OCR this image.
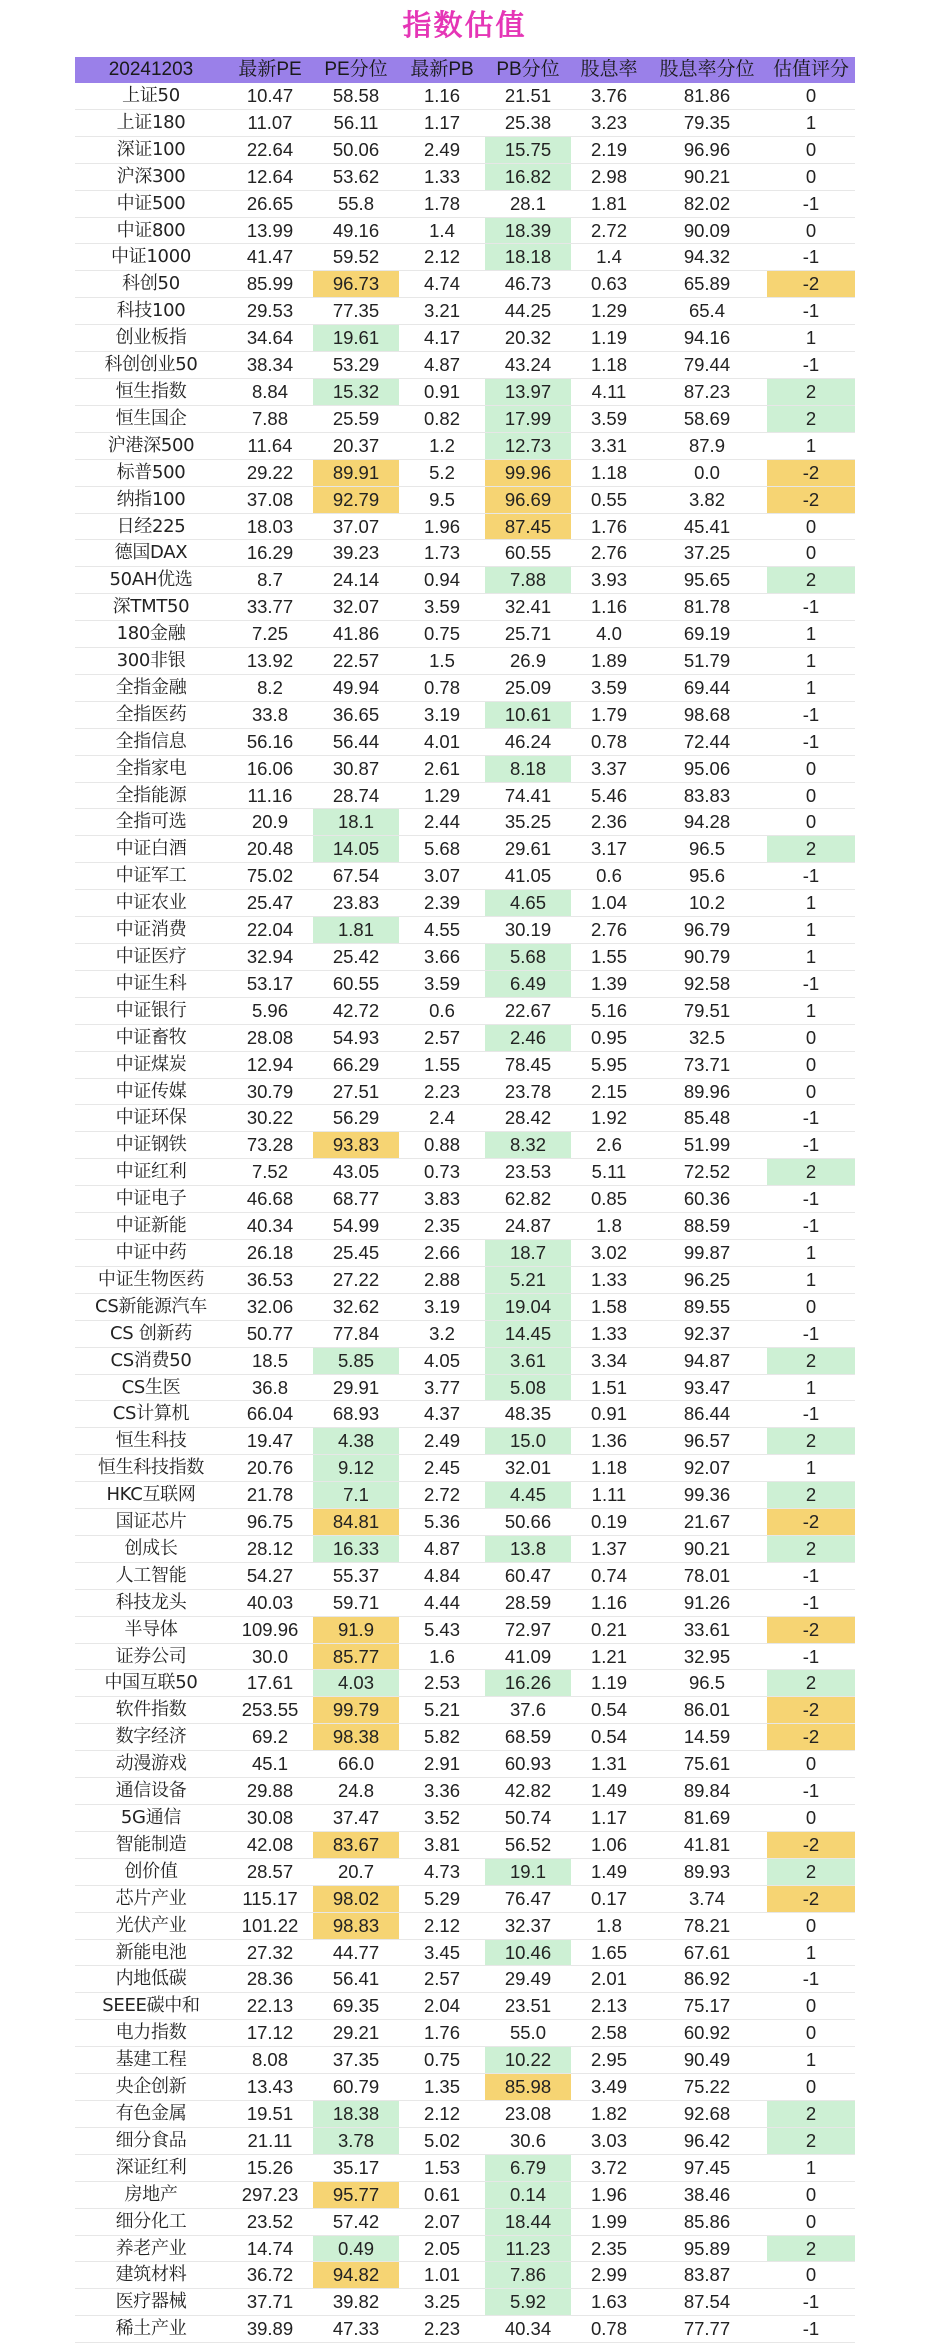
指数估值
20241203	最新PE	PE分位	最新PB	PB分位	股息率	股息率分位	估值评分
上证50	10.47	58.58	1.16	21.51	3.76	81.86	0
上证180	11.07	56.11	1.17	25.38	3.23	79.35	1
深证100	22.64	50.06	2.49	15.75	2.19	96.96	0
沪深300	12.64	53.62	1.33	16.82	2.98	90.21	0
中证500	26.65	55.8	1.78	28.1	1.81	82.02	-1
中证800	13.99	49.16	1.4	18.39	2.72	90.09	0
中证1000	41.47	59.52	2.12	18.18	1.4	94.32	-1
科创50	85.99	96.73	4.74	46.73	0.63	65.89	-2
科技100	29.53	77.35	3.21	44.25	1.29	65.4	-1
创业板指	34.64	19.61	4.17	20.32	1.19	94.16	1
科创创业50	38.34	53.29	4.87	43.24	1.18	79.44	-1
恒生指数	8.84	15.32	0.91	13.97	4.11	87.23	2
恒生国企	7.88	25.59	0.82	17.99	3.59	58.69	2
沪港深500	11.64	20.37	1.2	12.73	3.31	87.9	1
标普500	29.22	89.91	5.2	99.96	1.18	0.0	-2
纳指100	37.08	92.79	9.5	96.69	0.55	3.82	-2
日经225	18.03	37.07	1.96	87.45	1.76	45.41	0
德国DAX	16.29	39.23	1.73	60.55	2.76	37.25	0
50AH优选	8.7	24.14	0.94	7.88	3.93	95.65	2
深TMT50	33.77	32.07	3.59	32.41	1.16	81.78	-1
180金融	7.25	41.86	0.75	25.71	4.0	69.19	1
300非银	13.92	22.57	1.5	26.9	1.89	51.79	1
全指金融	8.2	49.94	0.78	25.09	3.59	69.44	1
全指医药	33.8	36.65	3.19	10.61	1.79	98.68	-1
全指信息	56.16	56.44	4.01	46.24	0.78	72.44	-1
全指家电	16.06	30.87	2.61	8.18	3.37	95.06	0
全指能源	11.16	28.74	1.29	74.41	5.46	83.83	0
全指可选	20.9	18.1	2.44	35.25	2.36	94.28	0
中证白酒	20.48	14.05	5.68	29.61	3.17	96.5	2
中证军工	75.02	67.54	3.07	41.05	0.6	95.6	-1
中证农业	25.47	23.83	2.39	4.65	1.04	10.2	1
中证消费	22.04	1.81	4.55	30.19	2.76	96.79	1
中证医疗	32.94	25.42	3.66	5.68	1.55	90.79	1
中证生科	53.17	60.55	3.59	6.49	1.39	92.58	-1
中证银行	5.96	42.72	0.6	22.67	5.16	79.51	1
中证畜牧	28.08	54.93	2.57	2.46	0.95	32.5	0
中证煤炭	12.94	66.29	1.55	78.45	5.95	73.71	0
中证传媒	30.79	27.51	2.23	23.78	2.15	89.96	0
中证环保	30.22	56.29	2.4	28.42	1.92	85.48	-1
中证钢铁	73.28	93.83	0.88	8.32	2.6	51.99	-1
中证红利	7.52	43.05	0.73	23.53	5.11	72.52	2
中证电子	46.68	68.77	3.83	62.82	0.85	60.36	-1
中证新能	40.34	54.99	2.35	24.87	1.8	88.59	-1
中证中药	26.18	25.45	2.66	18.7	3.02	99.87	1
中证生物医药	36.53	27.22	2.88	5.21	1.33	96.25	1
CS新能源汽车	32.06	32.62	3.19	19.04	1.58	89.55	0
CS 创新药	50.77	77.84	3.2	14.45	1.33	92.37	-1
CS消费50	18.5	5.85	4.05	3.61	3.34	94.87	2
CS生医	36.8	29.91	3.77	5.08	1.51	93.47	1
CS计算机	66.04	68.93	4.37	48.35	0.91	86.44	-1
恒生科技	19.47	4.38	2.49	15.0	1.36	96.57	2
恒生科技指数	20.76	9.12	2.45	32.01	1.18	92.07	1
HKC互联网	21.78	7.1	2.72	4.45	1.11	99.36	2
国证芯片	96.75	84.81	5.36	50.66	0.19	21.67	-2
创成长	28.12	16.33	4.87	13.8	1.37	90.21	2
人工智能	54.27	55.37	4.84	60.47	0.74	78.01	-1
科技龙头	40.03	59.71	4.44	28.59	1.16	91.26	-1
半导体	109.96	91.9	5.43	72.97	0.21	33.61	-2
证券公司	30.0	85.77	1.6	41.09	1.21	32.95	-1
中国互联50	17.61	4.03	2.53	16.26	1.19	96.5	2
软件指数	253.55	99.79	5.21	37.6	0.54	86.01	-2
数字经济	69.2	98.38	5.82	68.59	0.54	14.59	-2
动漫游戏	45.1	66.0	2.91	60.93	1.31	75.61	0
通信设备	29.88	24.8	3.36	42.82	1.49	89.84	-1
5G通信	30.08	37.47	3.52	50.74	1.17	81.69	0
智能制造	42.08	83.67	3.81	56.52	1.06	41.81	-2
创价值	28.57	20.7	4.73	19.1	1.49	89.93	2
芯片产业	115.17	98.02	5.29	76.47	0.17	3.74	-2
光伏产业	101.22	98.83	2.12	32.37	1.8	78.21	0
新能电池	27.32	44.77	3.45	10.46	1.65	67.61	1
内地低碳	28.36	56.41	2.57	29.49	2.01	86.92	-1
SEEE碳中和	22.13	69.35	2.04	23.51	2.13	75.17	0
电力指数	17.12	29.21	1.76	55.0	2.58	60.92	0
基建工程	8.08	37.35	0.75	10.22	2.95	90.49	1
央企创新	13.43	60.79	1.35	85.98	3.49	75.22	0
有色金属	19.51	18.38	2.12	23.08	1.82	92.68	2
细分食品	21.11	3.78	5.02	30.6	3.03	96.42	2
深证红利	15.26	35.17	1.53	6.79	3.72	97.45	1
房地产	297.23	95.77	0.61	0.14	1.96	38.46	0
细分化工	23.52	57.42	2.07	18.44	1.99	85.86	0
养老产业	14.74	0.49	2.05	11.23	2.35	95.89	2
建筑材料	36.72	94.82	1.01	7.86	2.99	83.87	0
医疗器械	37.71	39.82	3.25	5.92	1.63	87.54	-1
稀土产业	39.89	47.33	2.23	40.34	0.78	77.77	-1
